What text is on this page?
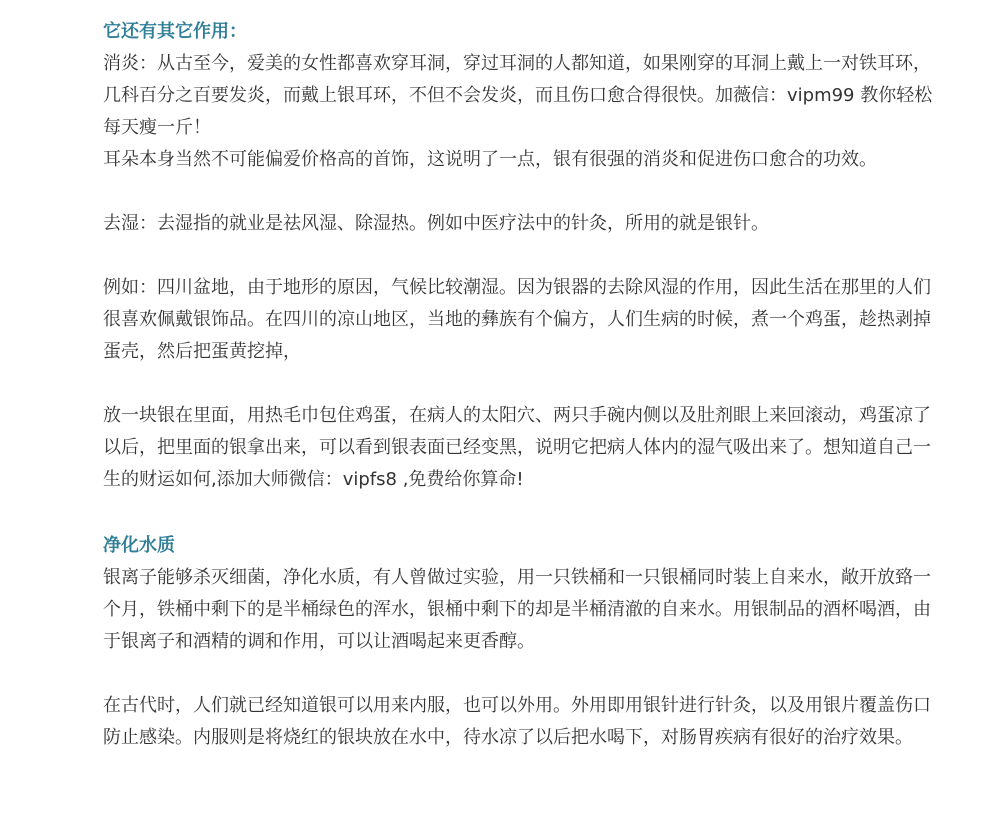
它还有其它作用：

消炎：从古至今，爱美的女性都喜欢穿耳洞，穿过耳洞的人都知道，如果刚穿的耳洞上戴上一对铁耳环，几科百分之百要发炎，而戴上银耳环，不但不会发炎，而且伤口愈合得很快。加薇信：vipm99 教你轻松每天瘦一斤！

耳朵本身当然不可能偏爱价格高的首饰，这说明了一点，银有很强的消炎和促进伤口愈合的功效。

去湿：去湿指的就业是祛风湿、除湿热。例如中医疗法中的针灸，所用的就是银针。

例如：四川盆地，由于地形的原因，气候比较潮湿。因为银器的去除风湿的作用，因此生活在那里的人们很喜欢佩戴银饰品。在四川的凉山地区，当地的彝族有个偏方，人们生病的时候，煮一个鸡蛋，趁热剥掉蛋壳，然后把蛋黄挖掉，

放一块银在里面，用热毛巾包住鸡蛋，在病人的太阳穴、两只手碗内侧以及肚剂眼上来回滚动，鸡蛋凉了以后，把里面的银拿出来，可以看到银表面已经变黑，说明它把病人体内的湿气吸出来了。想知道自己一生的财运如何,添加大师微信：vipfs8 ,免费给你算命!

净化水质

银离子能够杀灭细菌，净化水质，有人曾做过实验，用一只铁桶和一只银桶同时装上自来水，敞开放臵一个月，铁桶中剩下的是半桶绿色的浑水，银桶中剩下的却是半桶清澈的自来水。用银制品的酒杯喝酒，由于银离子和酒精的调和作用，可以让酒喝起来更香醇。

在古代时，人们就已经知道银可以用来内服，也可以外用。外用即用银针进行针灸，以及用银片覆盖伤口防止感染。内服则是将烧红的银块放在水中，待水凉了以后把水喝下，对肠胃疾病有很好的治疗效果。
